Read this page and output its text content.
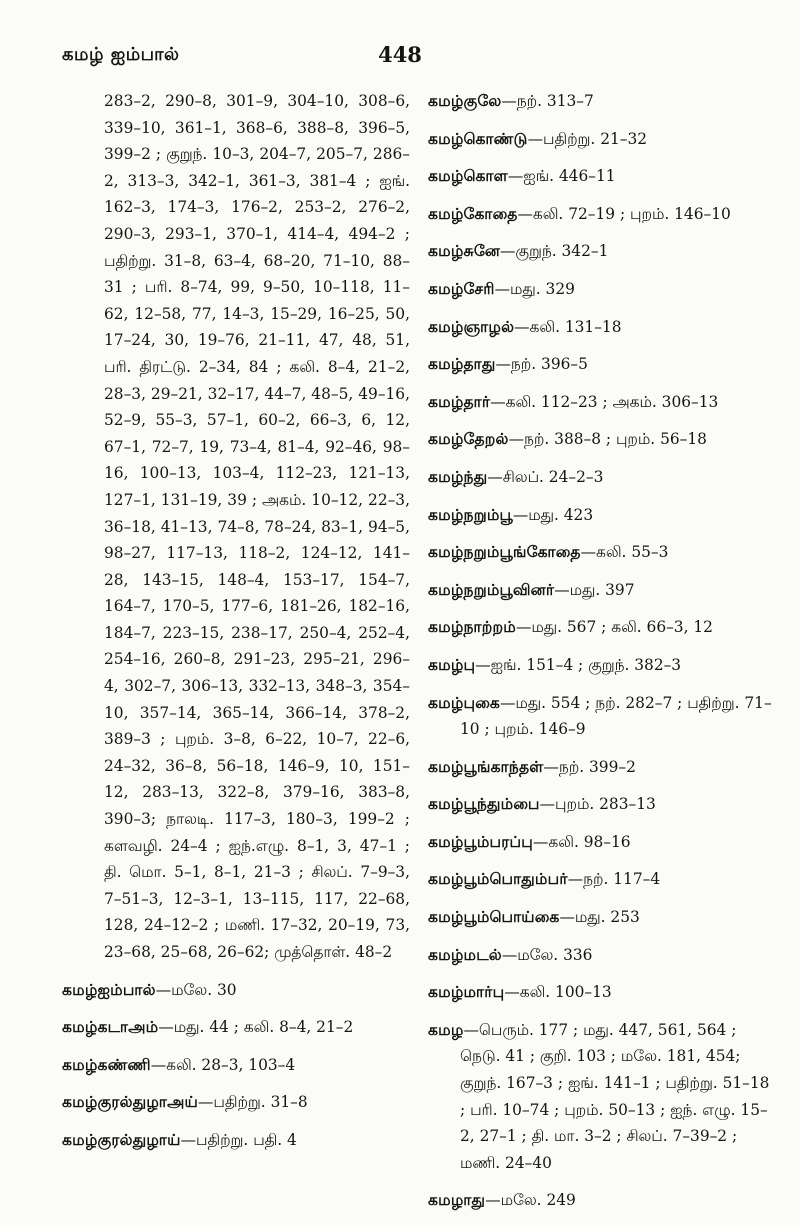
கமழ் ஐம்பால்	448
283–2, 290–8, 301–9, 304–10, 308–6, 339–10, 361–1, 368–6, 388–8, 396–5, 399–2 ; குறுந். 10–3, 204–7, 205–7, 286–2, 313–3, 342–1, 361–3, 381–4 ; ஐங். 162–3, 174–3, 176–2, 253–2, 276–2, 290–3, 293–1, 370–1, 414–4, 494–2 ; பதிற்று. 31–8, 63–4, 68–20, 71–10, 88–31 ; பரி. 8–74, 99, 9–50, 10–118, 11–62, 12–58, 77, 14–3, 15–29, 16–25, 50, 17–24, 30, 19–76, 21–11, 47, 48, 51, பரி. திரட்டு. 2–34, 84 ; கலி. 8–4, 21–2, 28–3, 29–21, 32–17, 44–7, 48–5, 49–16, 52–9, 55–3, 57–1, 60–2, 66–3, 6, 12, 67–1, 72–7, 19, 73–4, 81–4, 92–46, 98–16, 100–13, 103–4, 112–23, 121–13, 127–1, 131–19, 39 ; அகம். 10–12, 22–3, 36–18, 41–13, 74–8, 78–24, 83–1, 94–5, 98–27, 117–13, 118–2, 124–12, 141–28, 143–15, 148–4, 153–17, 154–7, 164–7, 170–5, 177–6, 181–26, 182–16, 184–7, 223–15, 238–17, 250–4, 252–4, 254–16, 260–8, 291–23, 295–21, 296–4, 302–7, 306–13, 332–13, 348–3, 354–10, 357–14, 365–14, 366–14, 378–2, 389–3 ; புறம். 3–8, 6–22, 10–7, 22–6, 24–32, 36–8, 56–18, 146–9, 10, 151–12, 283–13, 322–8, 379–16, 383–8, 390–3; நாலடி. 117–3, 180–3, 199–2 ; களவழி. 24–4 ; ஐந்.எழு. 8–1, 3, 47–1 ; தி. மொ. 5–1, 8–1, 21–3 ; சிலப். 7–9–3, 7–51–3, 12–3–1, 13–115, 117, 22–68, 128, 24–12–2 ; மணி. 17–32, 20–19, 73, 23–68, 25–68, 26–62; முத்தொள். 48–2
கமழ்ஐம்பால்—மலே. 30
கமழ்கடாஅம்—மது. 44 ; கலி. 8–4, 21–2
கமழ்கண்ணி—கலி. 28–3, 103–4
கமழ்குரல்துழாஅய்—பதிற்று. 31–8
கமழ்குரல்துழாய்—பதிற்று. பதி. 4
கமழ்குலே—நற். 313–7
கமழ்கொண்டு—பதிற்று. 21–32
கமழ்கொள—ஐங். 446–11
கமழ்கோதை—கலி. 72–19 ; புறம். 146–10
கமழ்சுனே—குறுந். 342–1
கமழ்சேரி—மது. 329
கமழ்ஞாழல்—கலி. 131–18
கமழ்தாது—நற். 396–5
கமழ்தார்—கலி. 112–23 ; அகம். 306–13
கமழ்தேறல்—நற். 388–8 ; புறம். 56–18
கமழ்ந்து—சிலப். 24–2–3
கமழ்நறும்பூ—மது. 423
கமழ்நறும்பூங்கோதை—கலி. 55–3
கமழ்நறும்பூவினர்—மது. 397
கமழ்நாற்றம்—மது. 567 ; கலி. 66–3, 12
கமழ்பு—ஐங். 151–4 ; குறுந். 382–3
கமழ்புகை—மது. 554 ; நற். 282–7 ; பதிற்று. 71–10 ; புறம். 146–9
கமழ்பூங்காந்தள்—நற். 399–2
கமழ்பூந்தும்பை—புறம். 283–13
கமழ்பூம்பரப்பு—கலி. 98–16
கமழ்பூம்பொதும்பர்—நற். 117–4
கமழ்பூம்பொய்கை—மது. 253
கமழ்மடல்—மலே. 336
கமழ்மார்பு—கலி. 100–13
கமழ—பெரும். 177 ; மது. 447, 561, 564 ; நெடு. 41 ; குறி. 103 ; மலே. 181, 454; குறுந். 167–3 ; ஐங். 141–1 ; பதிற்று. 51–18 ; பரி. 10–74 ; புறம். 50–13 ; ஐந். எழு. 15–2, 27–1 ; தி. மா. 3–2 ; சிலப். 7–39–2 ; மணி. 24–40
கமழாது—மலே. 249
